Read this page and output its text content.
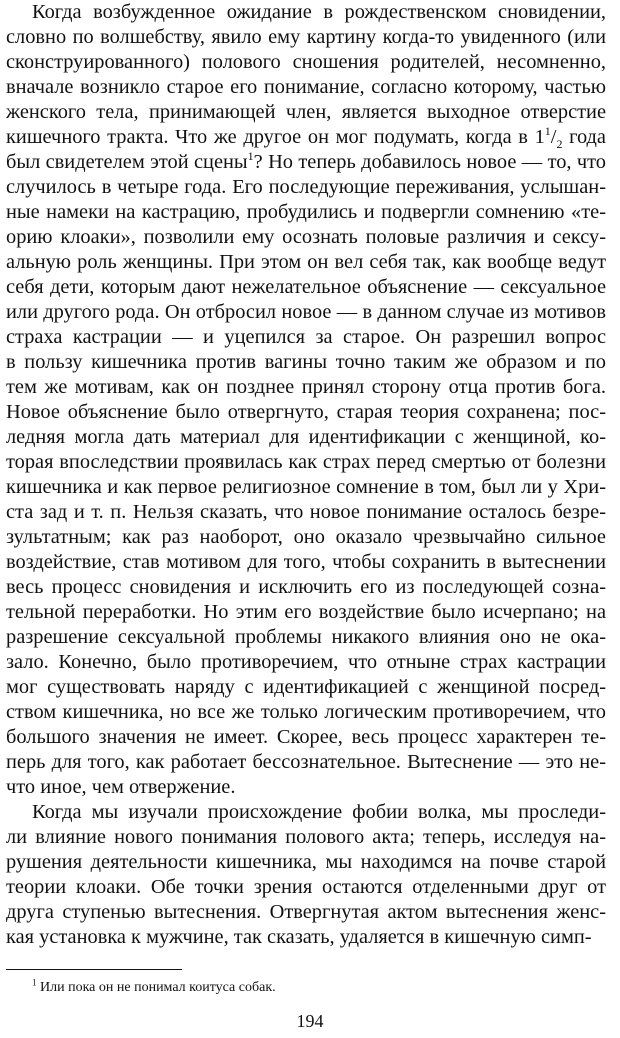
Когда возбужденное ожидание в рождественском сновидении,
словно по волшебству, явило ему картину когда-то увиденного (или
сконструированного) полового сношения родителей, несомненно,
вначале возникло старое его понимание, согласно которому, частью
женского тела, принимающей член, является выходное отверстие
кишечного тракта. Что же другое он мог подумать, когда в $1^1/_2$ года
был свидетелем этой сцены$^1$? Но теперь добавилось новое — то, что
случилось в четыре года. Его последующие переживания, услышан-
ные намеки на кастрацию, пробудились и подвергли сомнению «те-
орию клоаки», позволили ему осознать половые различия и сексу-
альную роль женщины. При этом он вел себя так, как вообще ведут
себя дети, которым дают нежелательное объяснение — сексуальное
или другого рода. Он отбросил новое — в данном случае из мотивов
страха кастрации — и уцепился за старое. Он разрешил вопрос
в пользу кишечника против вагины точно таким же образом и по
тем же мотивам, как он позднее принял сторону отца против бога.
Новое объяснение было отвергнуто, старая теория сохранена; пос-
ледняя могла дать материал для идентификации с женщиной, ко-
торая впоследствии проявилась как страх перед смертью от болезни
кишечника и как первое религиозное сомнение в том, был ли у Хри-
ста зад и т. п. Нельзя сказать, что новое понимание осталось безре-
зультатным; как раз наоборот, оно оказало чрезвычайно сильное
воздействие, став мотивом для того, чтобы сохранить в вытеснении
весь процесс сновидения и исключить его из последующей созна-
тельной переработки. Но этим его воздействие было исчерпано; на
разрешение сексуальной проблемы никакого влияния оно не ока-
зало. Конечно, было противоречием, что отныне страх кастрации
мог существовать наряду с идентификацией с женщиной посред-
ством кишечника, но все же только логическим противоречием, что
большого значения не имеет. Скорее, весь процесс характерен те-
перь для того, как работает бессознательное. Вытеснение — это не-
что иное, чем отвержение.
Когда мы изучали происхождение фобии волка, мы проследи-
ли влияние нового понимания полового акта; теперь, исследуя на-
рушения деятельности кишечника, мы находимся на почве старой
теории клоаки. Обе точки зрения остаются отделенными друг от
друга ступенью вытеснения. Отвергнутая актом вытеснения женс-
кая установка к мужчине, так сказать, удаляется в кишечную симп-
$^1$ Или пока он не понимал коитуса собак.
194
